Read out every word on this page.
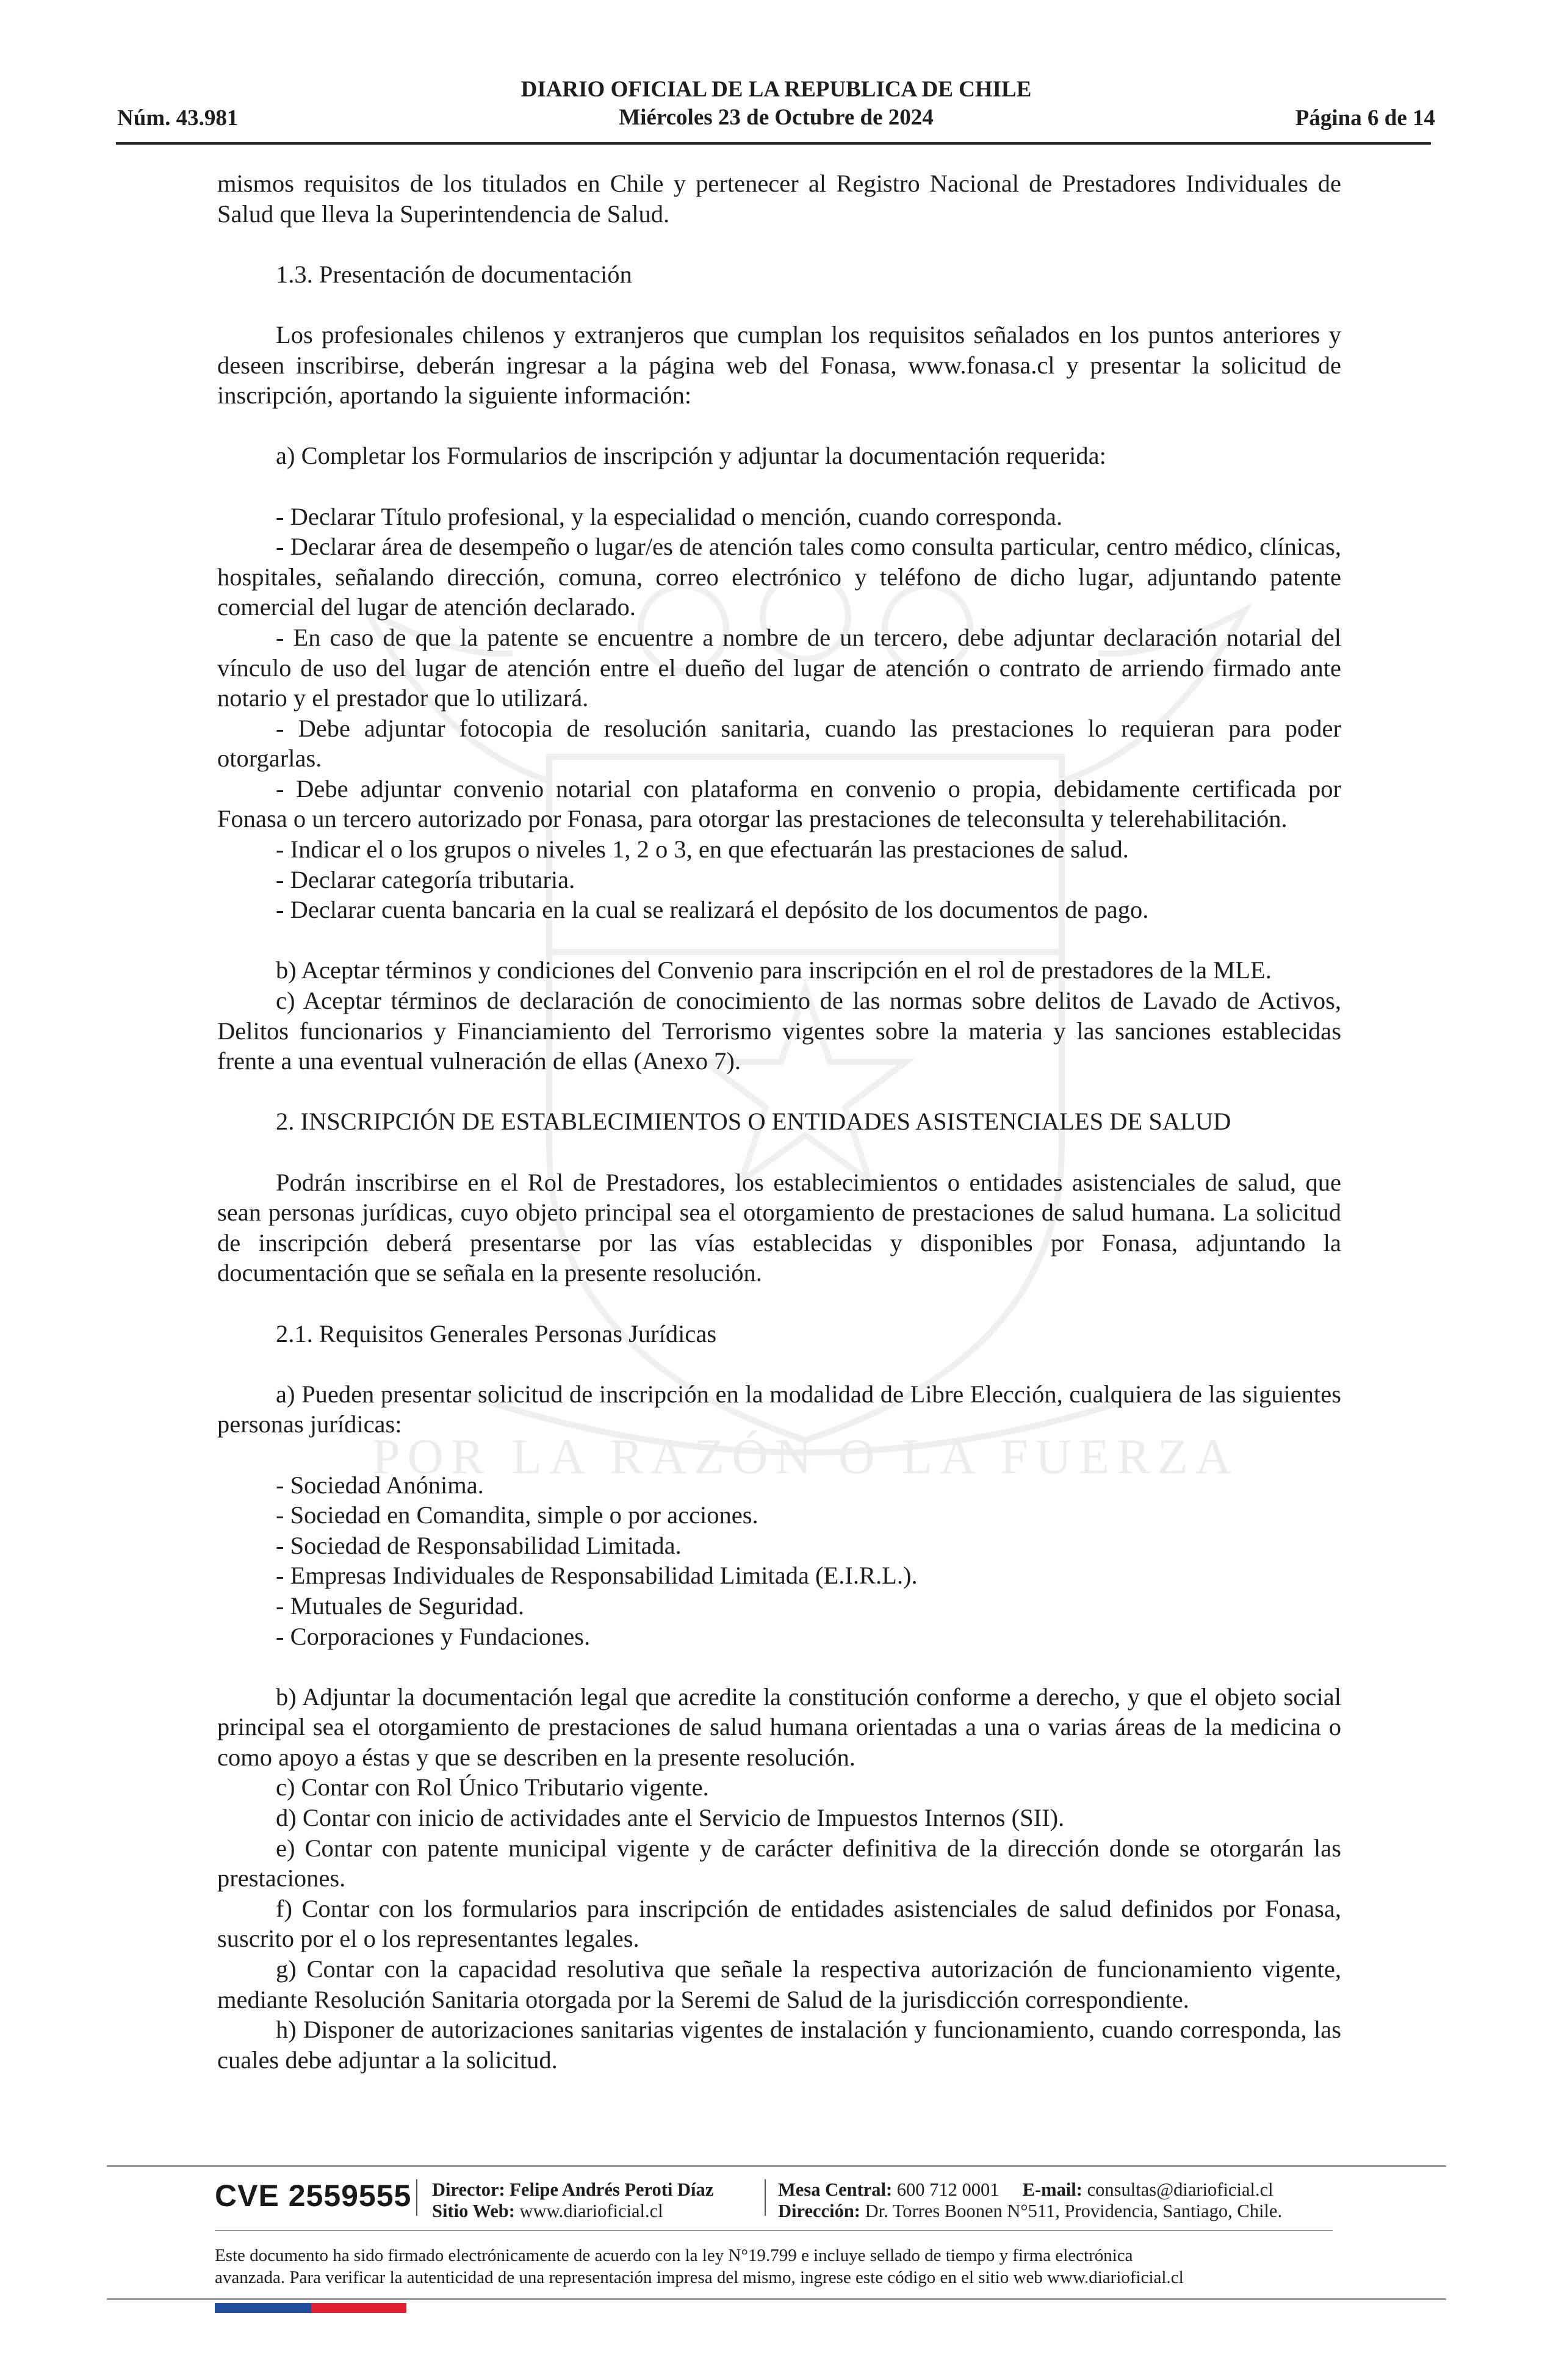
POR LA RAZÓN O LA FUERZA
Núm. 43.981
DIARIO OFICIAL DE LA REPUBLICA DE CHILE
Miércoles 23 de Octubre de 2024	Página 6 de 14

mismos requisitos de los titulados en Chile y pertenecer al Registro Nacional de Prestadores Individuales de Salud que lleva la Superintendencia de Salud.

1.3. Presentación de documentación

Los profesionales chilenos y extranjeros que cumplan los requisitos señalados en los puntos anteriores y deseen inscribirse, deberán ingresar a la página web del Fonasa, www.fonasa.cl y presentar la solicitud de inscripción, aportando la siguiente información:

a) Completar los Formularios de inscripción y adjuntar la documentación requerida:

- Declarar Título profesional, y la especialidad o mención, cuando corresponda.

- Declarar área de desempeño o lugar/es de atención tales como consulta particular, centro médico, clínicas, hospitales, señalando dirección, comuna, correo electrónico y teléfono de dicho lugar, adjuntando patente comercial del lugar de atención declarado.

- En caso de que la patente se encuentre a nombre de un tercero, debe adjuntar declaración notarial del vínculo de uso del lugar de atención entre el dueño del lugar de atención o contrato de arriendo firmado ante notario y el prestador que lo utilizará.

- Debe adjuntar fotocopia de resolución sanitaria, cuando las prestaciones lo requieran para poder otorgarlas.

- Debe adjuntar convenio notarial con plataforma en convenio o propia, debidamente certificada por Fonasa o un tercero autorizado por Fonasa, para otorgar las prestaciones de teleconsulta y telerehabilitación.

- Indicar el o los grupos o niveles 1, 2 o 3, en que efectuarán las prestaciones de salud.

- Declarar categoría tributaria.

- Declarar cuenta bancaria en la cual se realizará el depósito de los documentos de pago.

b) Aceptar términos y condiciones del Convenio para inscripción en el rol de prestadores de la MLE.

c) Aceptar términos de declaración de conocimiento de las normas sobre delitos de Lavado de Activos, Delitos funcionarios y Financiamiento del Terrorismo vigentes sobre la materia y las sanciones establecidas frente a una eventual vulneración de ellas (Anexo 7).

2. INSCRIPCIÓN DE ESTABLECIMIENTOS O ENTIDADES ASISTENCIALES DE SALUD

Podrán inscribirse en el Rol de Prestadores, los establecimientos o entidades asistenciales de salud, que sean personas jurídicas, cuyo objeto principal sea el otorgamiento de prestaciones de salud humana. La solicitud de inscripción deberá presentarse por las vías establecidas y disponibles por Fonasa, adjuntando la documentación que se señala en la presente resolución.

2.1. Requisitos Generales Personas Jurídicas

a) Pueden presentar solicitud de inscripción en la modalidad de Libre Elección, cualquiera de las siguientes personas jurídicas:

- Sociedad Anónima.

- Sociedad en Comandita, simple o por acciones.

- Sociedad de Responsabilidad Limitada.

- Empresas Individuales de Responsabilidad Limitada (E.I.R.L.).

- Mutuales de Seguridad.

- Corporaciones y Fundaciones.

b) Adjuntar la documentación legal que acredite la constitución conforme a derecho, y que el objeto social principal sea el otorgamiento de prestaciones de salud humana orientadas a una o varias áreas de la medicina o como apoyo a éstas y que se describen en la presente resolución.

c) Contar con Rol Único Tributario vigente.

d) Contar con inicio de actividades ante el Servicio de Impuestos Internos (SII).

e) Contar con patente municipal vigente y de carácter definitiva de la dirección donde se otorgarán las prestaciones.

f) Contar con los formularios para inscripción de entidades asistenciales de salud definidos por Fonasa, suscrito por el o los representantes legales.

g) Contar con la capacidad resolutiva que señale la respectiva autorización de funcionamiento vigente, mediante Resolución Sanitaria otorgada por la Seremi de Salud de la jurisdicción correspondiente.

h) Disponer de autorizaciones sanitarias vigentes de instalación y funcionamiento, cuando corresponda, las cuales debe adjuntar a la solicitud.

CVE 2559555 Director: Felipe Andrés Peroti Díaz
Sitio Web: www.diarioficial.cl
Mesa Central: 600 712 0001 E-mail: consultas@diarioficial.cl
Dirección: Dr. Torres Boonen N°511, Providencia, Santiago, Chile.
Este documento ha sido firmado electrónicamente de acuerdo con la ley N°19.799 e incluye sellado de tiempo y firma electrónica
avanzada. Para verificar la autenticidad de una representación impresa del mismo, ingrese este código en el sitio web www.diarioficial.cl
